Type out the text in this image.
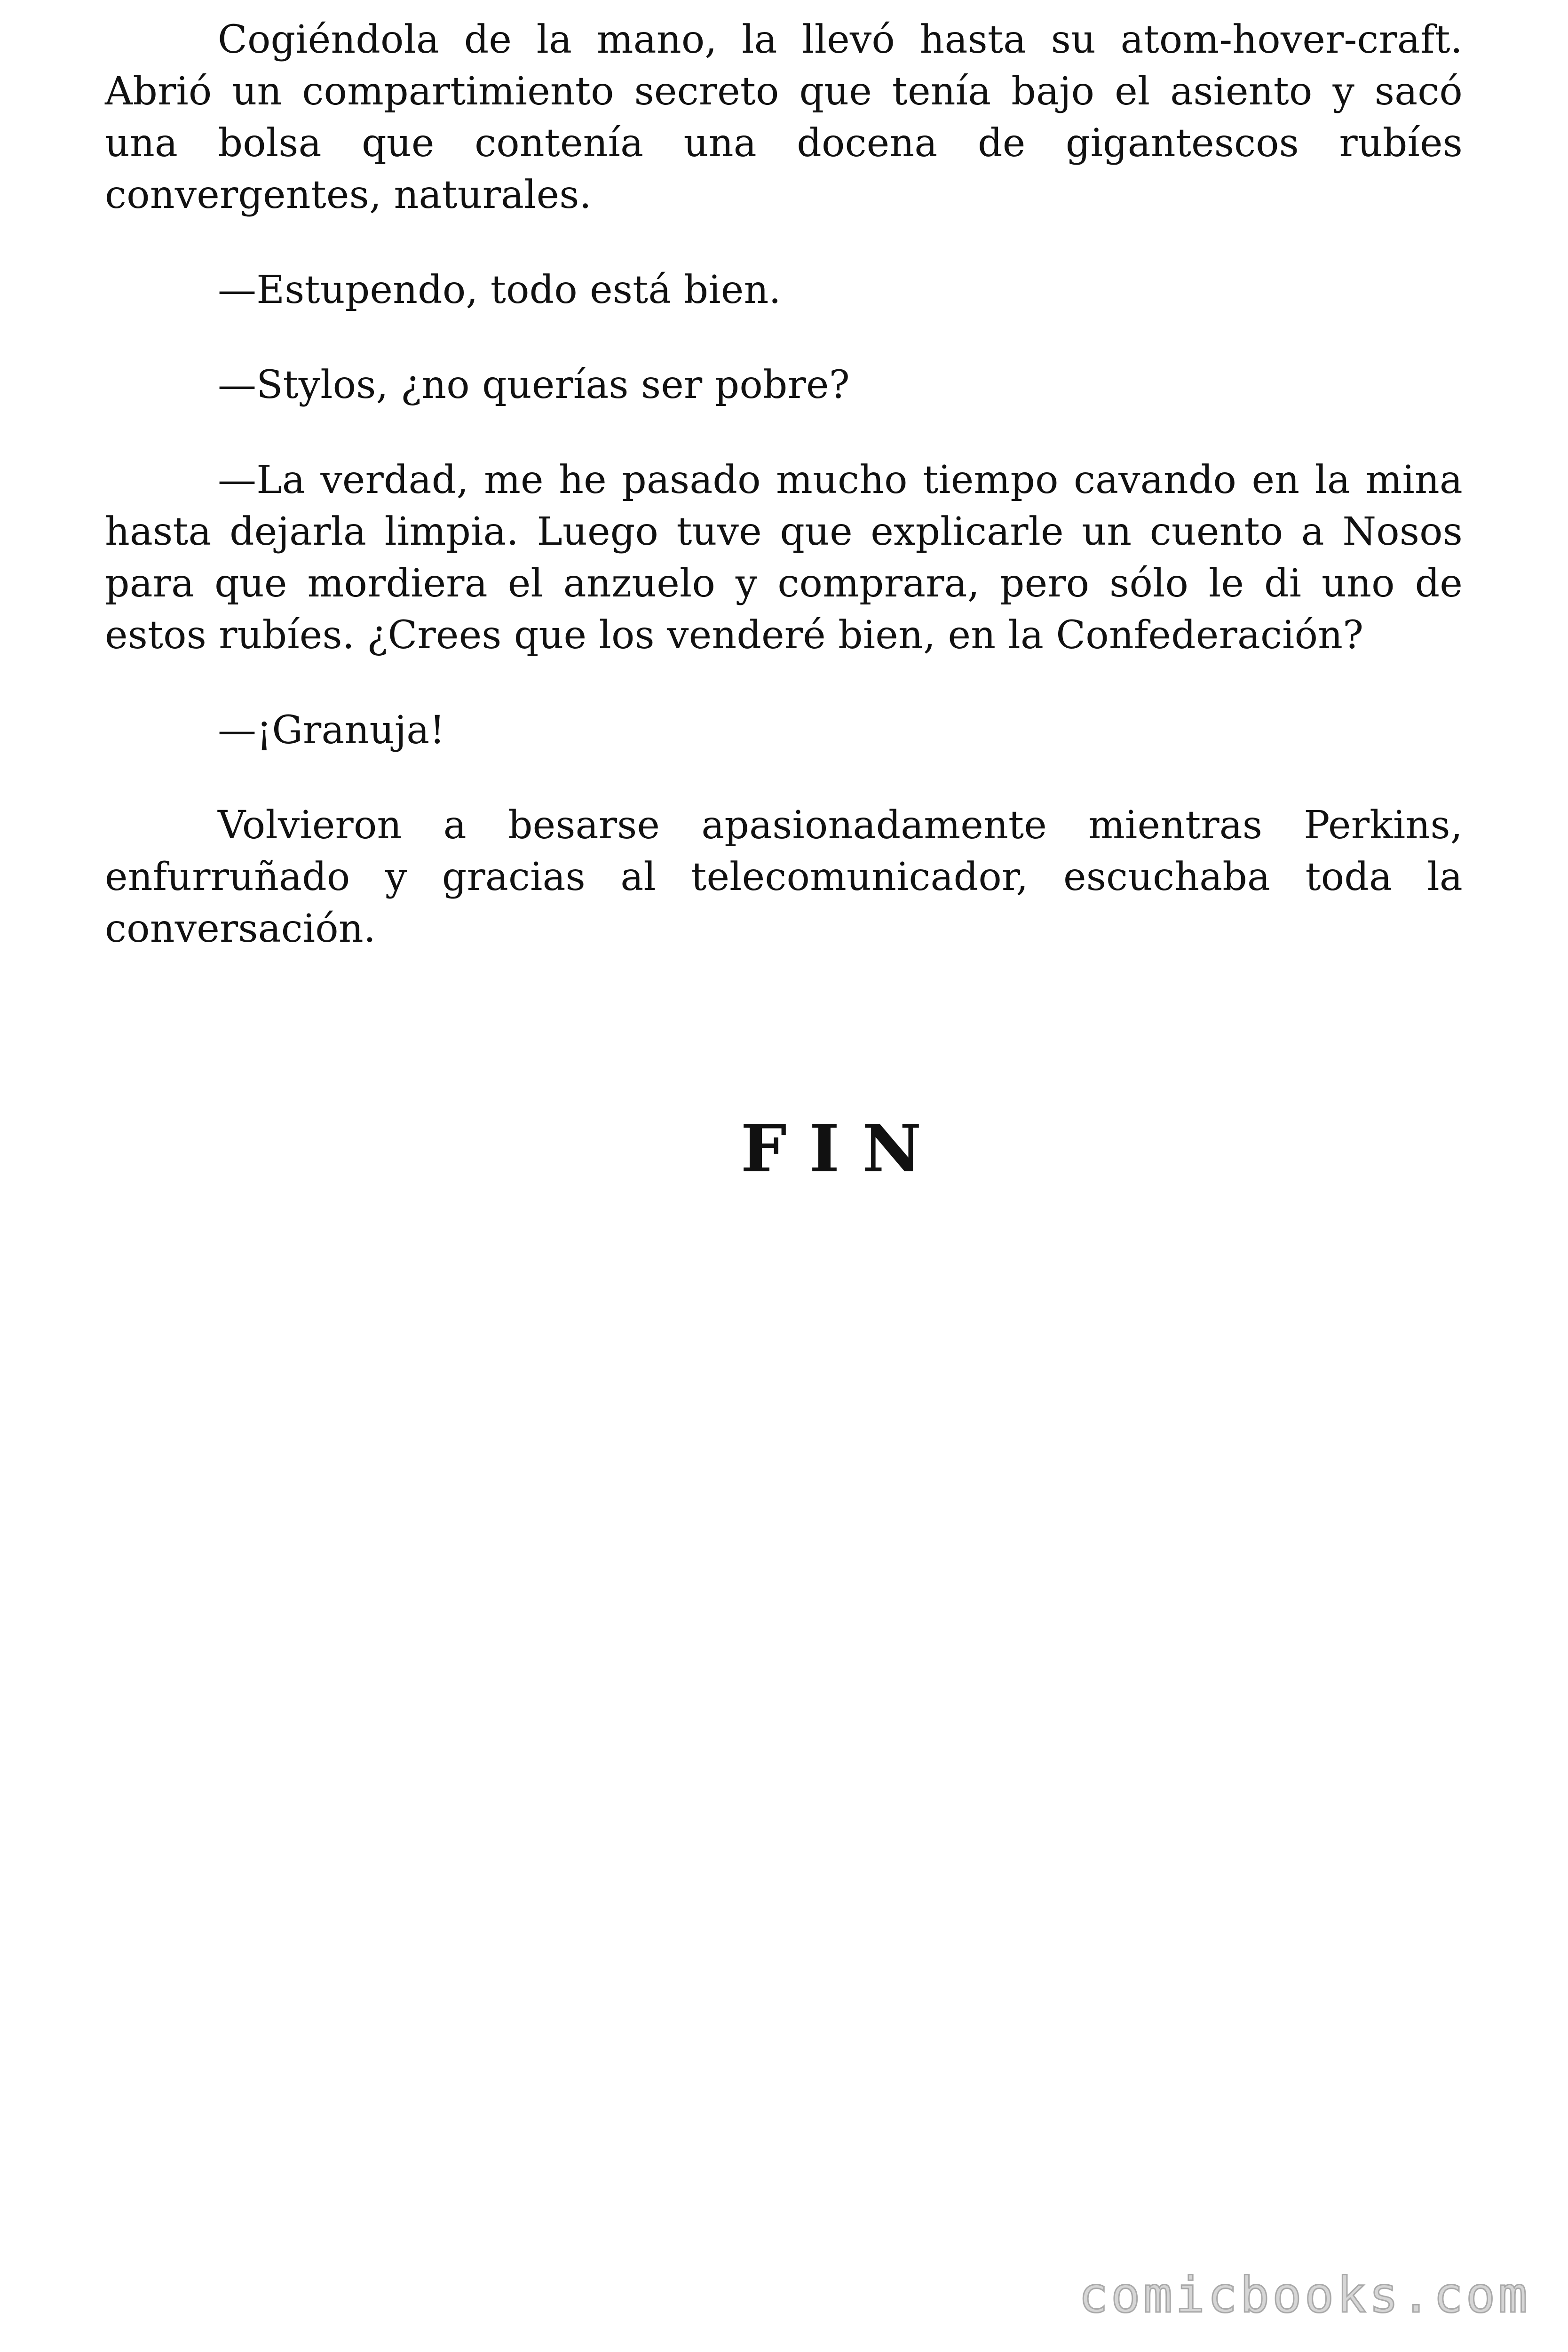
Cogiéndola de la mano, la llevó hasta su atom-hover-craft. Abrió un compartimiento secreto que tenía bajo el asiento y sacó una bolsa que contenía una docena de gigantescos rubíes convergentes, naturales.

—Estupendo, todo está bien.

—Stylos, ¿no querías ser pobre?

—La verdad, me he pasado mucho tiempo cavando en la mina hasta dejarla limpia. Luego tuve que explicarle un cuento a Nosos para que mordiera el anzuelo y comprara, pero sólo le di uno de estos rubíes. ¿Crees que los venderé bien, en la Confederación?

—¡Granuja!

Volvieron a besarse apasionadamente mientras Perkins, enfurruñado y gracias al telecomunicador, escuchaba toda la conversación.

FIN
comicbooks.com
